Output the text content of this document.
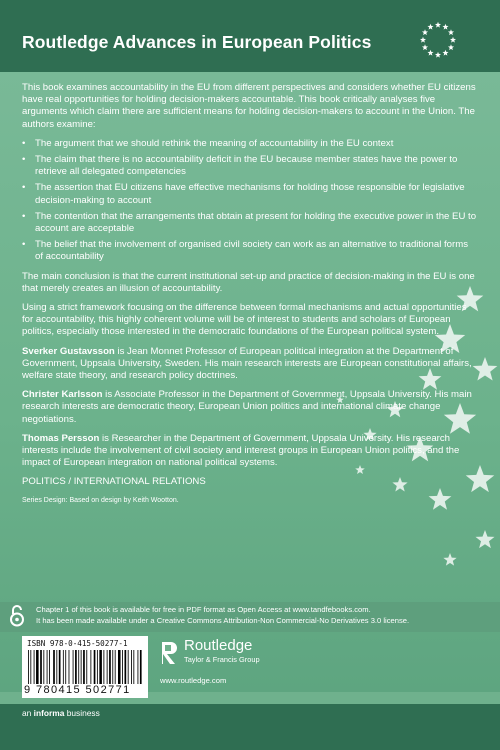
Routledge Advances in European Politics

This book examines accountability in the EU from different perspectives and considers whether EU citizens have real opportunities for holding decision-makers accountable. This book critically analyses five arguments which claim there are sufficient means for holding decision-makers to account in the Union. The authors examine:

• The argument that we should rethink the meaning of accountability in the EU context
• The claim that there is no accountability deficit in the EU because member states have the power to retrieve all delegated competencies
• The assertion that EU citizens have effective mechanisms for holding those responsible for legislative decision-making to account
• The contention that the arrangements that obtain at present for holding the executive power in the EU to account are acceptable
• The belief that the involvement of organised civil society can work as an alternative to traditional forms of accountability

The main conclusion is that the current institutional set-up and practice of decision-making in the EU is one that merely creates an illusion of accountability.

Using a strict framework focusing on the difference between formal mechanisms and actual opportunities for accountability, this highly coherent volume will be of interest to students and scholars of European politics, especially those interested in the democratic foundations of the European political system.

Sverker Gustavsson is Jean Monnet Professor of European political integration at the Department of Government, Uppsala University, Sweden. His main research interests are European constitutional affairs, welfare state theory, and research policy doctrines.

Christer Karlsson is Associate Professor in the Department of Government, Uppsala University. His main research interests are democratic theory, European Union politics and international climate change negotiations.

Thomas Persson is Researcher in the Department of Government, Uppsala University. His research interests include the involvement of civil society and interest groups in European Union politics, and the impact of European integration on national political systems.

POLITICS / INTERNATIONAL RELATIONS
Series Design: Based on design by Keith Wootton.
Chapter 1 of this book is available for free in PDF format as Open Access at www.tandfebooks.com.
It has been made available under a Creative Commons Attribution-Non Commercial-No Derivatives 3.0 license.
ISBN 978-0-415-50277-1
9 780415 502771
Routledge
Taylor & Francis Group
www.routledge.com
an informa business
